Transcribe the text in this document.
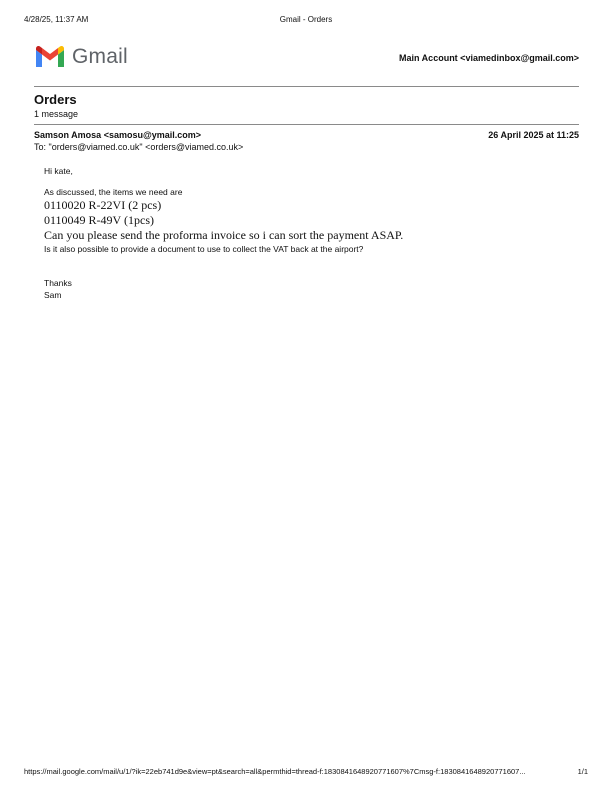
4/28/25, 11:37 AM	Gmail - Orders
Gmail	Main Account <viamedinbox@gmail.com>
Orders
1 message
Samson Amosa <samosu@ymail.com>	26 April 2025 at 11:25
To: "orders@viamed.co.uk" <orders@viamed.co.uk>
Hi kate,
As discussed, the items we need are
0110020 R-22VI (2 pcs)
0110049 R-49V (1pcs)
Can you please send the proforma invoice so i can sort the payment ASAP.
Is it also possible to provide a document to use to collect the VAT back at the airport?
Thanks
Sam
https://mail.google.com/mail/u/1/?ik=22eb741d9e&view=pt&search=all&permthid=thread-f:1830841648920771607%7Cmsg-f:1830841648920771607...	1/1
